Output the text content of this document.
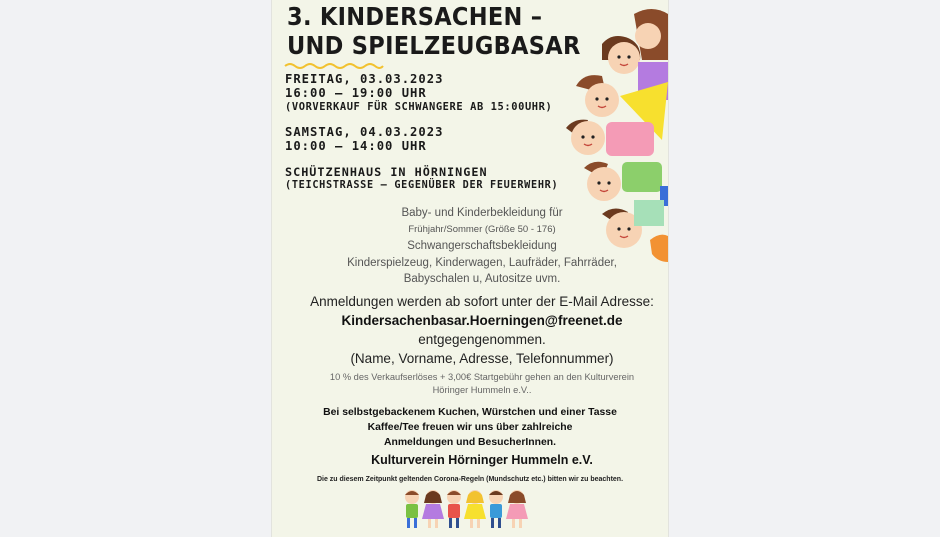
3. KINDERSACHEN –
UND SPIELZEUGBASAR
FREITAG, 03.03.2023
16:00 – 19:00 UHR
(VORVERKAUF FÜR SCHWANGERE AB 15:00UHR)
SAMSTAG, 04.03.2023
10:00 – 14:00 UHR
SCHÜTZENHAUS IN HÖRNINGEN
(TEICHSTRASSE – GEGENÜBER DER FEUERWEHR)
Baby- und Kinderbekleidung für
Frühjahr/Sommer (Größe 50 - 176)
Schwangerschaftsbekleidung
Kinderspielzeug, Kinderwagen, Laufräder, Fahrräder,
Babyschalen u, Autositze uvm.
Anmeldungen werden ab sofort unter der E-Mail Adresse:
Kindersachenbasar.Hoerningen@freenet.de
entgegengenommen.
(Name, Vorname, Adresse, Telefonnummer)
10 % des Verkaufserlöses + 3,00€ Startgebühr gehen an den Kulturverein
Höringer Hummeln e.V..
Bei selbstgebackenem Kuchen, Würstchen und einer Tasse
Kaffee/Tee freuen wir uns über zahlreiche
Anmeldungen und BesucherInnen.
Kulturverein Hörninger Hummeln e.V.
Die zu diesem Zeitpunkt geltenden Corona-Regeln (Mundschutz etc.) bitten wir zu beachten.
